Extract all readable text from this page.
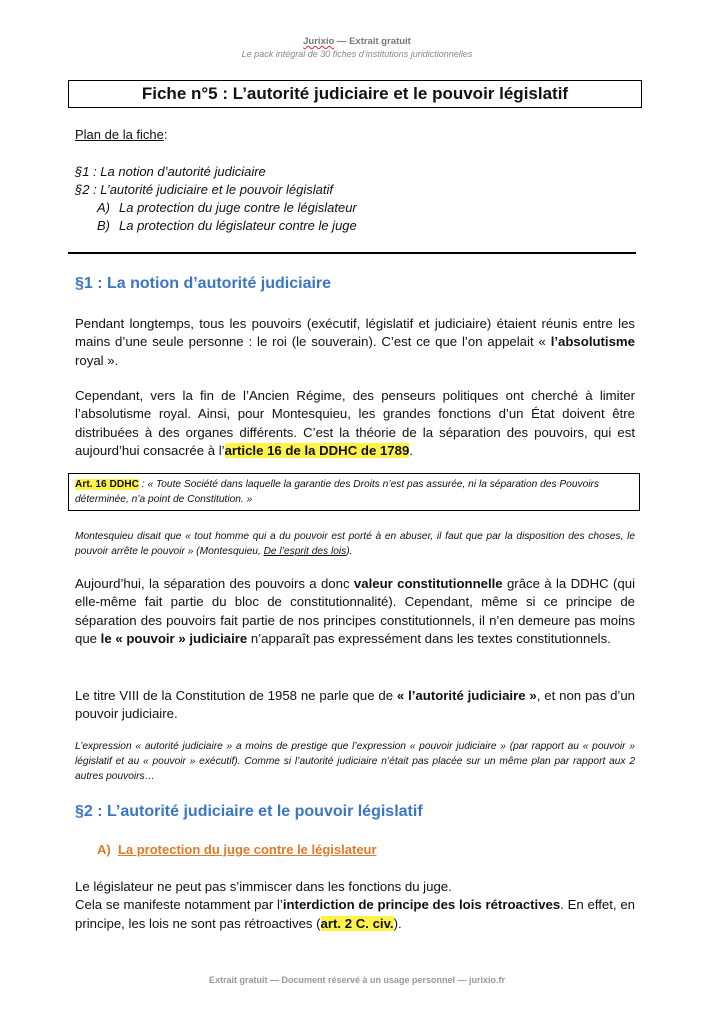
Jurixio — Extrait gratuit
Le pack intégral de 30 fiches d’institutions juridictionnelles
Fiche n°5 : L’autorité judiciaire et le pouvoir législatif
Plan de la fiche:
§1 : La notion d’autorité judiciaire
§2 : L’autorité judiciaire et le pouvoir législatif
A) La protection du juge contre le législateur
B) La protection du législateur contre le juge
§1 : La notion d’autorité judiciaire
Pendant longtemps, tous les pouvoirs (exécutif, législatif et judiciaire) étaient réunis entre les mains d’une seule personne : le roi (le souverain). C’est ce que l’on appelait « l’absolutisme royal ».
Cependant, vers la fin de l’Ancien Régime, des penseurs politiques ont cherché à limiter l’absolutisme royal. Ainsi, pour Montesquieu, les grandes fonctions d’un État doivent être distribuées à des organes différents. C’est la théorie de la séparation des pouvoirs, qui est aujourd’hui consacrée à l’article 16 de la DDHC de 1789.
Art. 16 DDHC : « Toute Société dans laquelle la garantie des Droits n’est pas assurée, ni la séparation des Pouvoirs déterminée, n’a point de Constitution. »
Montesquieu disait que « tout homme qui a du pouvoir est porté à en abuser, il faut que par la disposition des choses, le pouvoir arrête le pouvoir » (Montesquieu, De l’esprit des lois).
Aujourd’hui, la séparation des pouvoirs a donc valeur constitutionnelle grâce à la DDHC (qui elle-même fait partie du bloc de constitutionnalité). Cependant, même si ce principe de séparation des pouvoirs fait partie de nos principes constitutionnels, il n’en demeure pas moins que le « pouvoir » judiciaire n’apparaît pas expressément dans les textes constitutionnels.
Le titre VIII de la Constitution de 1958 ne parle que de « l’autorité judiciaire », et non pas d’un pouvoir judiciaire.
L’expression « autorité judiciaire » a moins de prestige que l’expression « pouvoir judiciaire » (par rapport au « pouvoir » législatif et au « pouvoir » exécutif). Comme si l’autorité judiciaire n’était pas placée sur un même plan par rapport aux 2 autres pouvoirs…
§2 : L’autorité judiciaire et le pouvoir législatif
A) La protection du juge contre le législateur
Le législateur ne peut pas s’immiscer dans les fonctions du juge.
Cela se manifeste notamment par l’interdiction de principe des lois rétroactives. En effet, en principe, les lois ne sont pas rétroactives (art. 2 C. civ.).
Extrait gratuit — Document réservé à un usage personnel — jurixio.fr
